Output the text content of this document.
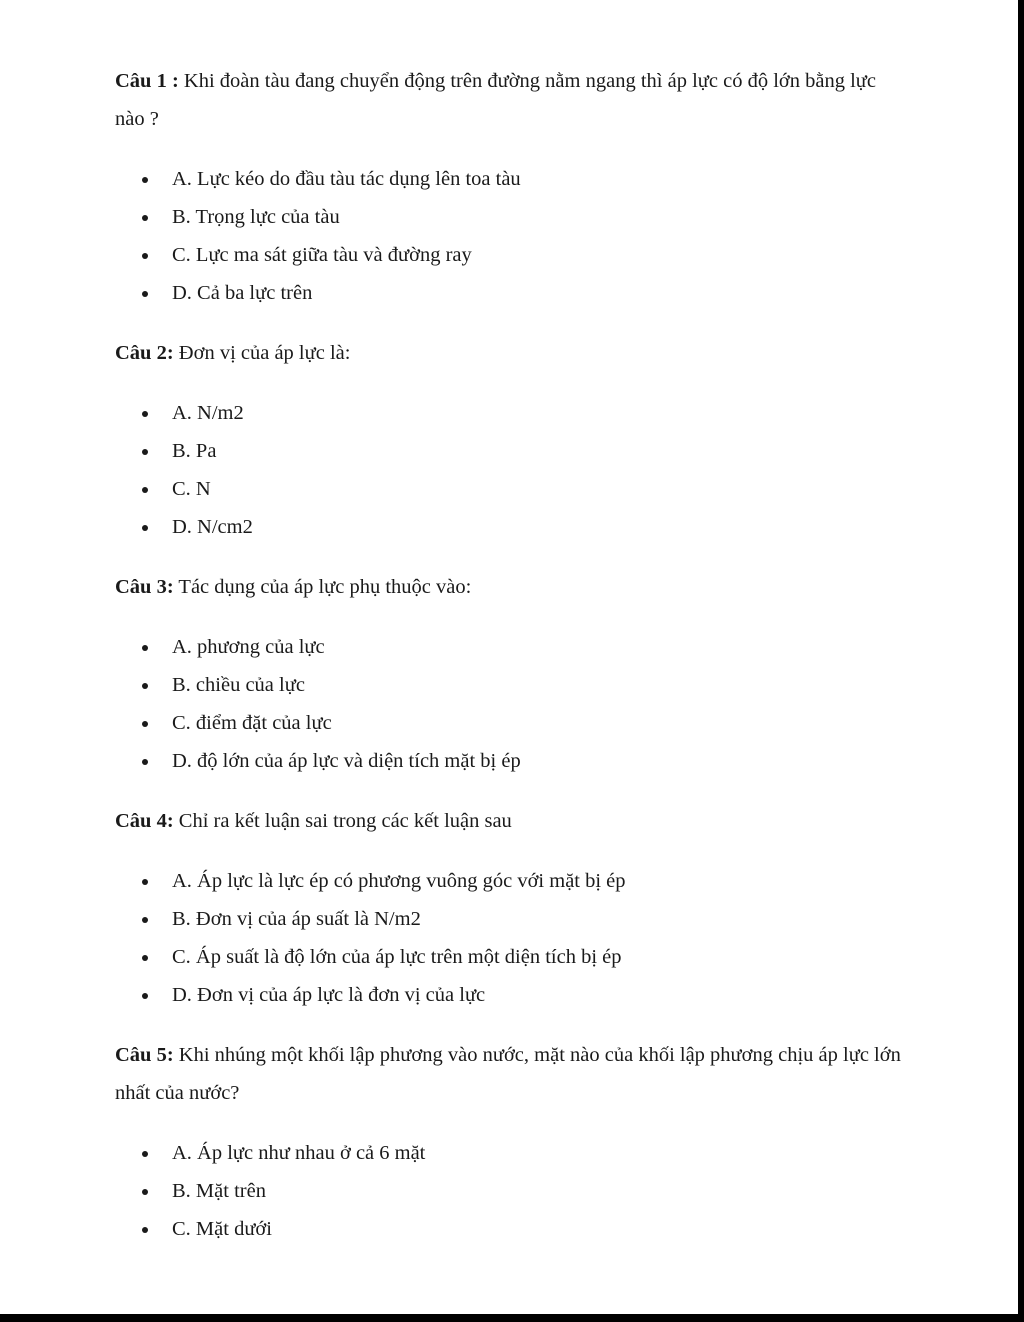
Câu 1 : Khi đoàn tàu đang chuyển động trên đường nằm ngang thì áp lực có độ lớn bằng lực nào ?

A. Lực kéo do đầu tàu tác dụng lên toa tàu
B. Trọng lực của tàu
C. Lực ma sát giữa tàu và đường ray
D. Cả ba lực trên

Câu 2: Đơn vị của áp lực là:

A. N/m2
B. Pa
C. N
D. N/cm2

Câu 3: Tác dụng của áp lực phụ thuộc vào:

A. phương của lực
B. chiều của lực
C. điểm đặt của lực
D. độ lớn của áp lực và diện tích mặt bị ép

Câu 4: Chỉ ra kết luận sai trong các kết luận sau

A. Áp lực là lực ép có phương vuông góc với mặt bị ép
B. Đơn vị của áp suất là N/m2
C. Áp suất là độ lớn của áp lực trên một diện tích bị ép
D. Đơn vị của áp lực là đơn vị của lực

Câu 5: Khi nhúng một khối lập phương vào nước, mặt nào của khối lập phương chịu áp lực lớn nhất của nước?

A. Áp lực như nhau ở cả 6 mặt
B. Mặt trên
C. Mặt dưới
